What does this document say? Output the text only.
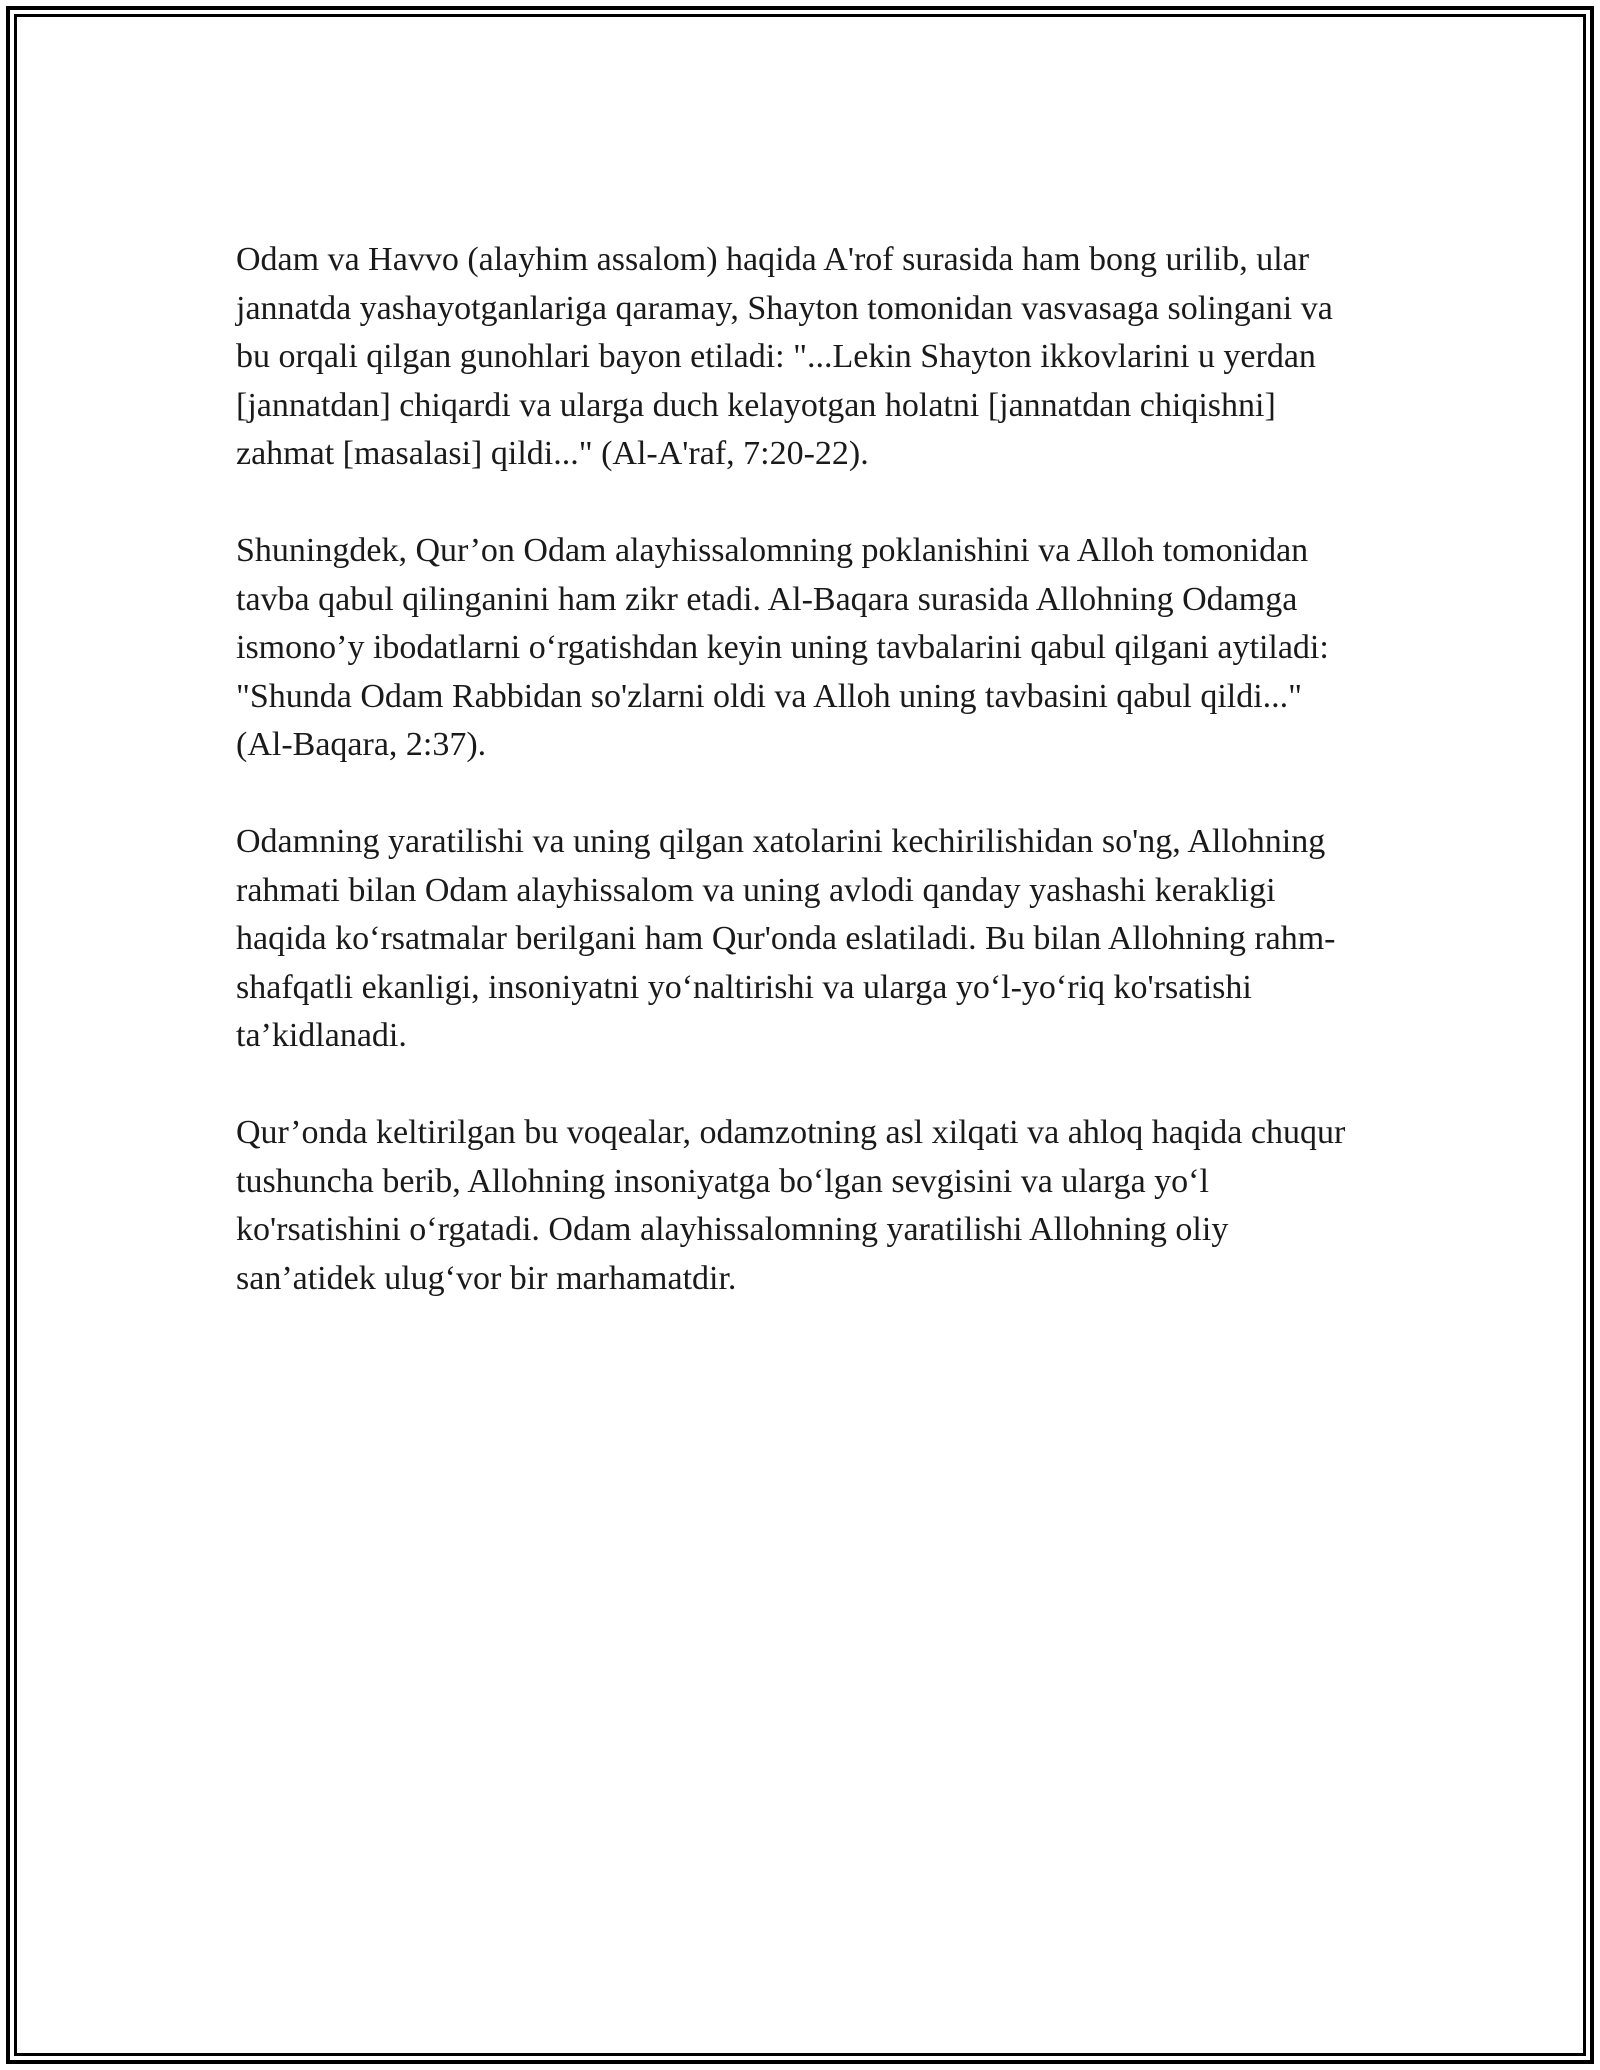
Odam va Havvo (alayhim assalom) haqida A'rof surasida ham bong urilib, ular jannatda yashayotganlariga qaramay, Shayton tomonidan vasvasaga solingani va bu orqali qilgan gunohlari bayon etiladi: "...Lekin Shayton ikkovlarini u yerdan [jannatdan] chiqardi va ularga duch kelayotgan holatni [jannatdan chiqishni] zahmat [masalasi] qildi..." (Al-A'raf, 7:20-22).

Shuningdek, Qur’on Odam alayhissalomning poklanishini va Alloh tomonidan tavba qabul qilinganini ham zikr etadi. Al-Baqara surasida Allohning Odamga ismono’y ibodatlarni o‘rgatishdan keyin uning tavbalarini qabul qilgani aytiladi: "Shunda Odam Rabbidan so'zlarni oldi va Alloh uning tavbasini qabul qildi..." (Al-Baqara, 2:37).

Odamning yaratilishi va uning qilgan xatolarini kechirilishidan so'ng, Allohning rahmati bilan Odam alayhissalom va uning avlodi qanday yashashi kerakligi haqida ko‘rsatmalar berilgani ham Qur'onda eslatiladi. Bu bilan Allohning rahm-shafqatli ekanligi, insoniyatni yo‘naltirishi va ularga yo‘l-yo‘riq ko'rsatishi ta’kidlanadi.

Qur’onda keltirilgan bu voqealar, odamzotning asl xilqati va ahloq haqida chuqur tushuncha berib, Allohning insoniyatga bo‘lgan sevgisini va ularga yo‘l ko'rsatishini o‘rgatadi. Odam alayhissalomning yaratilishi Allohning oliy san’atidek ulug‘vor bir marhamatdir.
